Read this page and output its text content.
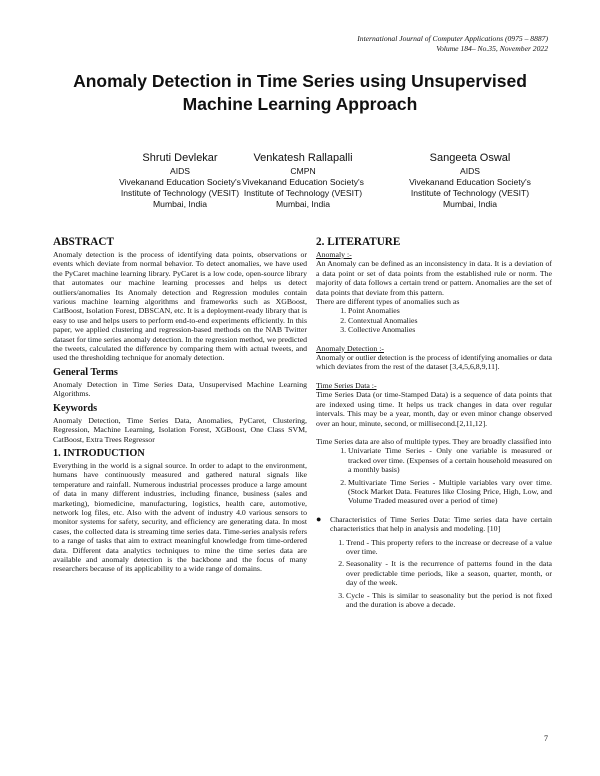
International Journal of Computer Applications (0975 – 8887)
Volume 184– No.35, November 2022
Anomaly Detection in Time Series using Unsupervised
Machine Learning Approach
Shruti Devlekar
AIDS
Vivekanand Education Society's
Institute of Technology (VESIT)
Mumbai, India
Venkatesh Rallapalli
CMPN
Vivekanand Education Society's
Institute of Technology (VESIT)
Mumbai, India
Sangeeta Oswal
AIDS
Vivekanand Education Society's
Institute of Technology (VESIT)
Mumbai, India
ABSTRACT

Anomaly detection is the process of identifying data points, observations or events which deviate from normal behavior. To detect anomalies, we have used the PyCaret machine learning library. PyCaret is a low code, open-source library that automates our machine learning processes and helps us detect outliers/anomalies Its Anomaly detection and Regression modules contain various machine learning algorithms and frameworks such as XGBoost, CatBoost, Isolation Forest, DBSCAN, etc. It is a deployment-ready library that is easy to use and helps users to perform end-to-end experiments efficiently. In this paper, we applied clustering and regression-based methods on the NAB Twitter dataset for time series anomaly detection. In the regression method, we predicted the tweets, calculated the difference by comparing them with actual tweets, and used the thresholding technique for anomaly detection.

General Terms

Anomaly Detection in Time Series Data, Unsupervised Machine Learning Algorithms.

Keywords

Anomaly Detection, Time Series Data, Anomalies, PyCaret, Clustering, Regression, Machine Learning, Isolation Forest, XGBoost, One Class SVM, CatBoost, Extra Trees Regressor

1. INTRODUCTION

Everything in the world is a signal source. In order to adapt to the environment, humans have continuously measured and gathered natural signals like temperature and rainfall. Numerous industrial processes produce a large amount of data in many different industries, including finance, business (sales and marketing), biomedicine, manufacturing, logistics, health care, automotive, network log files, etc. Also with the advent of industry 4.0 various sensors to monitor systems for safety, security, and efficiency are generating data. In most cases, the collected data is streaming time series data. Time-series analysis refers to a range of tasks that aim to extract meaningful knowledge from time-ordered data. Different data analytics techniques to mine the time series data are available and anomaly detection is the backbone and the focus of many researchers because of its applicability to a wide range of domains.

2. LITERATURE

Anomaly :-

An Anomaly can be defined as an inconsistency in data. It is a deviation of a data point or set of data points from the established rule or norm. The majority of data follows a certain trend or pattern. Anomalies are the set of data points that deviate from this pattern.

There are different types of anomalies such as

1. Point Anomalies
2. Contextual Anomalies
3. Collective Anomalies

Anomaly Detection :-

Anomaly or outlier detection is the process of identifying anomalies or data which deviates from the rest of the dataset [3,4,5,6,8,9,11].

Time Series Data :-

Time Series Data (or time-Stamped Data) is a sequence of data points that are indexed using time. It helps us track changes in data over regular intervals. This may be a year, month, day or even minor change observed over an hour, minute, second, or millisecond.[2,11,12].

Time Series data are also of multiple types. They are broadly classified into

1. Univariate Time Series - Only one variable is measured or tracked over time. (Expenses of a certain household measured on a monthly basis)
2. Multivariate Time Series - Multiple variables vary over time. (Stock Market Data. Features like Closing Price, High, Low, and Volume Traded measured over a period of time)
●	Characteristics of Time Series Data: Time series data have certain characteristics that help in analysis and modeling. [10]

1. Trend - This property refers to the increase or decrease of a value over time.
2. Seasonality - It is the recurrence of patterns found in the data over predictable time periods, like a season, quarter, month, or day of the week.
3. Cycle - This is similar to seasonality but the period is not fixed and the duration is above a decade.
7
